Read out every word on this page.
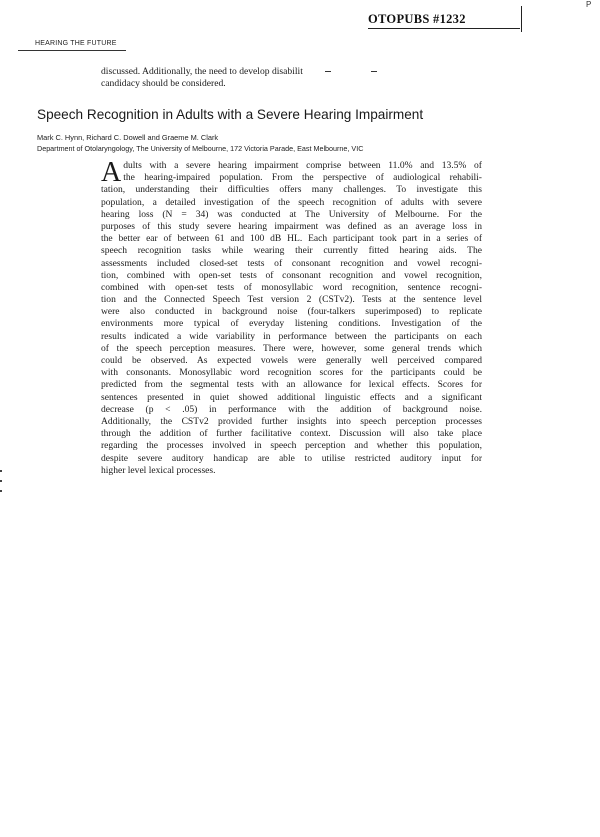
P
OTOPUBS #1232
HEARING THE FUTURE
discussed. Additionally, the need to develop disabilit
candidacy should be considered.
Speech Recognition in Adults with a Severe Hearing Impairment
Mark C. Hynn, Richard C. Dowell and Graeme M. Clark
Department of Otolaryngology, The University of Melbourne, 172 Victoria Parade, East Melbourne, VIC
A dults with a severe hearing impairment comprise between 11.0% and 13.5% of
the hearing-impaired population. From the perspective of audiological rehabili-
tation, understanding their difficulties offers many challenges. To investigate this
population, a detailed investigation of the speech recognition of adults with severe
hearing loss (N = 34) was conducted at The University of Melbourne. For the
purposes of this study severe hearing impairment was defined as an average loss in
the better ear of between 61 and 100 dB HL. Each participant took part in a series of
speech recognition tasks while wearing their currently fitted hearing aids. The
assessments included closed-set tests of consonant recognition and vowel recogni-
tion, combined with open-set tests of consonant recognition and vowel recognition,
combined with open-set tests of monosyllabic word recognition, sentence recogni-
tion and the Connected Speech Test version 2 (CSTv2). Tests at the sentence level
were also conducted in background noise (four-talkers superimposed) to replicate
environments more typical of everyday listening conditions. Investigation of the
results indicated a wide variability in performance between the participants on each
of the speech perception measures. There were, however, some general trends which
could be observed. As expected vowels were generally well perceived compared
with consonants. Monosyllabic word recognition scores for the participants could be
predicted from the segmental tests with an allowance for lexical effects. Scores for
sentences presented in quiet showed additional linguistic effects and a significant
decrease (p < .05) in performance with the addition of background noise.
Additionally, the CSTv2 provided further insights into speech perception processes
through the addition of further facilitative context. Discussion will also take place
regarding the processes involved in speech perception and whether this population,
despite severe auditory handicap are able to utilise restricted auditory input for
higher level lexical processes.
